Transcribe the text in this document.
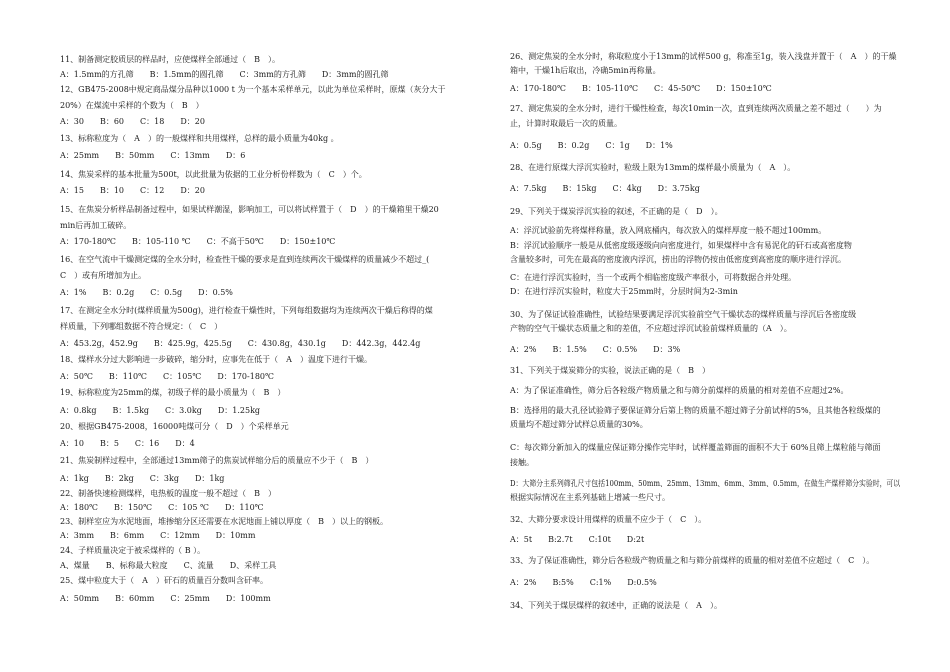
11、制备测定胶质层的样品时，应使煤样全部通过（　B　）。
A：1.5mm的方孔筛　　B：1.5mm的圆孔筛　　C：3mm的方孔筛　　D：3mm的圆孔筛
12、GB475-2008中规定商品煤分品种以1000 t 为一个基本采样单元，以此为单位采样时，原煤（灰分大于
20%）在煤流中采样的个数为（　B　）
A：30　　B：60　　C：18　　D：20
13、标称粒度为（　A　）的一般煤样和共用煤样，总样的最小质量为40kg 。
A：25mm　　B：50mm　　C：13mm　　D：6
14、焦炭采样的基本批量为500t，以此批量为依据的工业分析份样数为（　C　）个。
A：15　　B：10　　C：12　　D：20
15、在焦炭分析样品制备过程中，如果试样潮湿，影响加工，可以将试样置于（　D　）的干燥箱里干燥20
min后再加工破碎。
A：170-180℃　　B：105-110 ℃　　C：不高于50℃　　D：150±10℃
16、在空气流中干燥测定煤的全水分时，检查性干燥的要求是直到连续两次干燥煤样的质量减少不超过_(
C　）或有所增加为止。
A：1%　　B：0.2g　　C：0.5g　　D：0.5%
17、在测定全水分时(煤样质量为500g)，进行检查干燥性时，下列每组数据均为连续两次干燥后称得的煤
样质量，下列哪组数据不符合规定：（　C　）
A：453.2g，452.9g　　B：425.9g，425.5g　　C：430.8g，430.1g　　D：442.3g，442.4g
18、煤样水分过大影响进一步破碎，缩分时，应事先在低于（　A　）温度下进行干燥。
A：50℃　　B：110℃　　C：105℃　　D：170-180℃
19、标称粒度为25mm的煤，初级子样的最小质量为（　B　）
A：0.8kg　　B：1.5kg　　C：3.0kg　　D：1.25kg
20、根据GB475-2008，16000吨煤可分（　D　）个采样单元
A：10　　B：5　　C：16　　D：4
21、焦炭制样过程中，全部通过13mm筛子的焦炭试样缩分后的质量应不少于（　B　）
A：1kg　　B：2kg　　C：3kg　　D：1kg
22、制备快速检测煤样，电热板的温度一般不超过（　B　）
A：180℃　　B：150℃　　C：105 ℃　　D：110℃
23、制样室应为水泥地面，堆掺缩分区还需要在水泥地面上铺以厚度（　B　）以上的钢板。
A：3mm　　B：6mm　　C：12mm　　D：10mm
24、子样质量决定于被采煤样的（ B ）。
A、煤量　　B、标称最大粒度　　C、流量　　D、采样工具
25、煤中粒度大于（　A　）矸石的质量百分数叫含矸率。
A：50mm　　B：60mm　　C：25mm　　D：100mm
26、测定焦炭的全水分时，称取粒度小于13mm的试样500 g，称准至1g，装入浅盘并置于（　A　）的干燥
箱中，干燥1h后取出，冷确5min再称量。
A：170-180℃　　B：105-110℃　　C：45-50℃　　D：150±10℃
27、测定焦炭的全水分时，进行干燥性检查，每次10min一次，直到连续两次质量之差不超过（　　）为
止，计算时取最后一次的质量。
A：0.5g　　B：0.2g　　C：1g　　D：1%
28、在进行原煤大浮沉实验时，粒级上限为13mm的煤样最小质量为（　A　）。
A：7.5kg　　B：15kg　　C：4kg　　D：3.75kg
29、下列关于煤炭浮沉实验的叙述，不正确的是（　D　）。
A：浮沉试验前先将煤样称量，放入网底桶内，每次放入的煤样厚度一般不超过100mm。
B：浮沉试验顺序一般是从低密度级逐级向向密度进行，如果煤样中含有易泥化的矸石或高密度物
含量较多时，可先在最高的密度液内浮沉，捞出的浮物仍按由低密度到高密度的顺序进行浮沉。
C：在进行浮沉实验时，当一个或两个相临密度级产率很小，可将数据合并处理。
D：在进行浮沉实验时，粒度大于25mm时，分层时间为2-3min
30、为了保证试验准确性，试验结果要满足浮沉实验前空气干燥状态的煤样质量与浮沉后各密度级
产物的空气干燥状态质量之和的差值，不应超过浮沉试验前煤样质量的（A　）。
A：2%　　B：1.5%　　C：0.5%　　D：3%
31、下列关于煤炭筛分的实验，说法正确的是（　B　）
A：为了保证准确性，筛分后各粒级产物质量之和与筛分前煤样的质量的相对差值不应超过2%。
B：选择用的最大孔径试验筛子要保证筛分后第上物的质量不超过筛子分前试样的5%，且其他各粒级煤的
质量均不超过筛分试样总质量的30%。
C：每次筛分新加入的煤量应保证筛分操作完毕时，试样覆盖筛面的面积不大于 60%且筛上煤粒能与筛面
接触。
D：大筛分主系列筛孔尺寸包括100mm、50mm、25mm、13mm、6mm、3mm、0.5mm，在做生产煤样筛分实验时，可以
根据实际情况在主系列基础上增减一些尺寸。
32、大筛分要求设计用煤样的质量不应少于（　C　）。
A：5t　　B:2.7t　　C:10t　　D:2t
33、为了保证准确性，筛分后各粒级产物质量之和与筛分前煤样的质量的相对差值不应超过（　C　）。
A：2%　　B:5%　　C:1%　　D:0.5%
34、下列关于煤层煤样的叙述中，正确的说法是（　A　）。
